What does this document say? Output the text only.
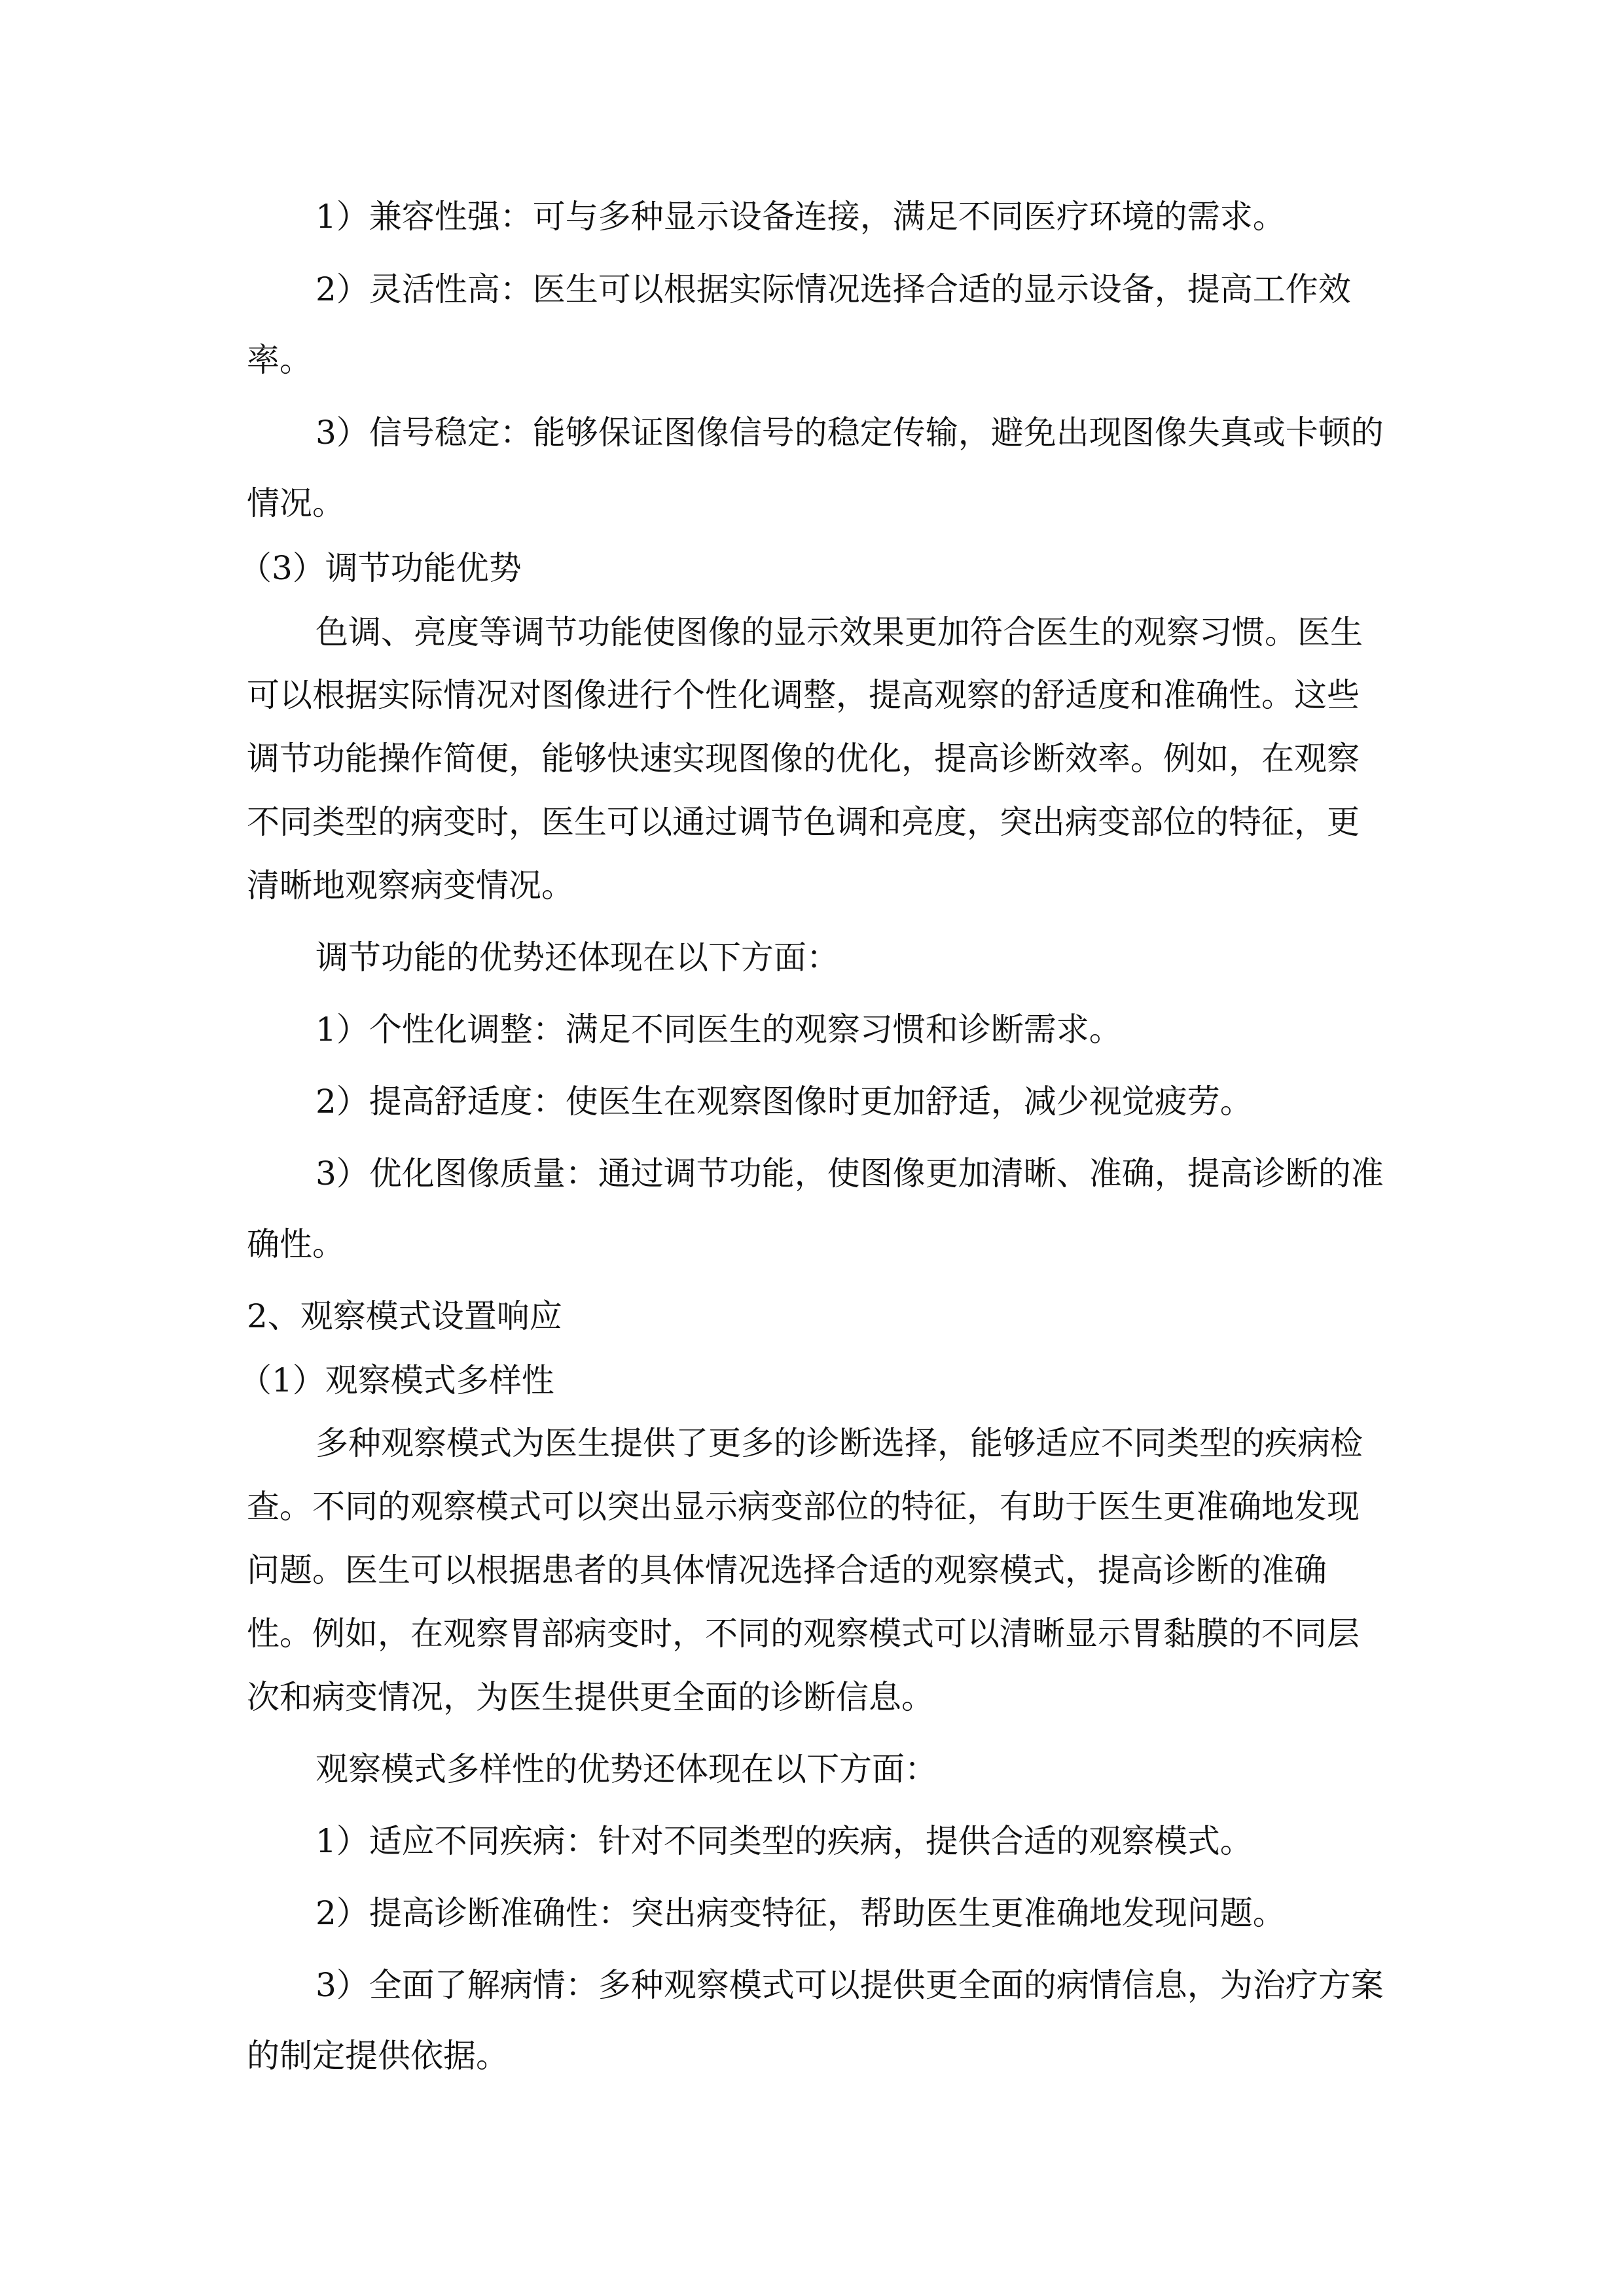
1）兼容性强：可与多种显示设备连接，满足不同医疗环境的需求。

2）灵活性高：医生可以根据实际情况选择合适的显示设备，提高工作效

率。

3）信号稳定：能够保证图像信号的稳定传输，避免出现图像失真或卡顿的

情况。

（3）调节功能优势

色调、亮度等调节功能使图像的显示效果更加符合医生的观察习惯。医生

可以根据实际情况对图像进行个性化调整，提高观察的舒适度和准确性。这些

调节功能操作简便，能够快速实现图像的优化，提高诊断效率。例如，在观察

不同类型的病变时，医生可以通过调节色调和亮度，突出病变部位的特征，更

清晰地观察病变情况。

调节功能的优势还体现在以下方面：

1）个性化调整：满足不同医生的观察习惯和诊断需求。

2）提高舒适度：使医生在观察图像时更加舒适，减少视觉疲劳。

3）优化图像质量：通过调节功能，使图像更加清晰、准确，提高诊断的准

确性。

2、观察模式设置响应

（1）观察模式多样性

多种观察模式为医生提供了更多的诊断选择，能够适应不同类型的疾病检

查。不同的观察模式可以突出显示病变部位的特征，有助于医生更准确地发现

问题。医生可以根据患者的具体情况选择合适的观察模式，提高诊断的准确

性。例如，在观察胃部病变时，不同的观察模式可以清晰显示胃黏膜的不同层

次和病变情况，为医生提供更全面的诊断信息。

观察模式多样性的优势还体现在以下方面：

1）适应不同疾病：针对不同类型的疾病，提供合适的观察模式。

2）提高诊断准确性：突出病变特征，帮助医生更准确地发现问题。

3）全面了解病情：多种观察模式可以提供更全面的病情信息，为治疗方案

的制定提供依据。
